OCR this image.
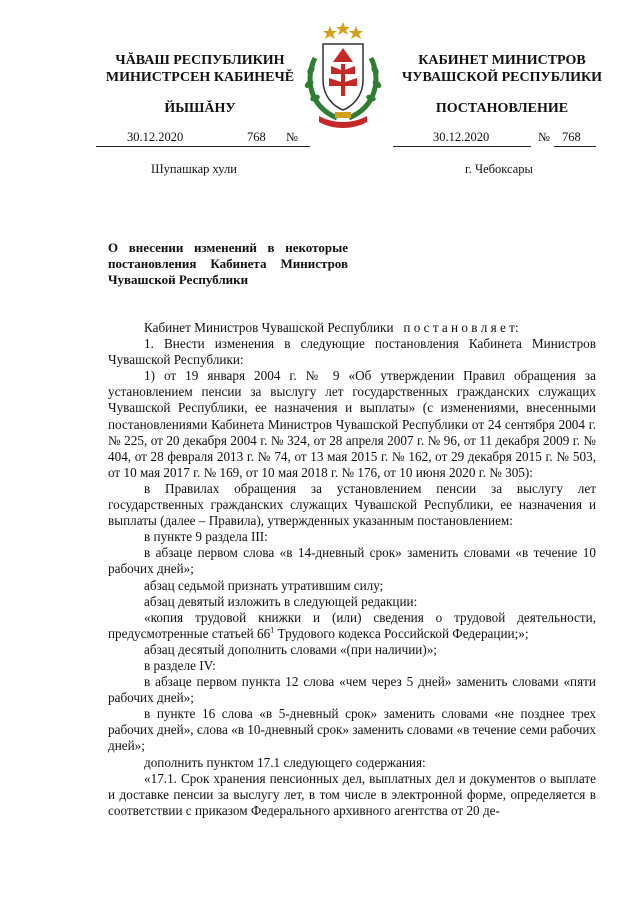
ЧĂВАШ РЕСПУБЛИКИН
МИНИСТРСЕН КАБИНЕЧĚ
ЙЫШĂНУ
КАБИНЕТ МИНИСТРОВ
ЧУВАШСКОЙ РЕСПУБЛИКИ
ПОСТАНОВЛЕНИЕ
30.12.2020	768 №	30.12.2020	№ 768
Шупашкар хули	г. Чебоксары
О внесении изменений в некоторые постановления Кабинета Министров Чувашской Республики

Кабинет Министров Чувашской Республики п о с т а н о в л я е т:

1. Внести изменения в следующие постановления Кабинета Министров Чувашской Республики:

1) от 19 января 2004 г. № 9 «Об утверждении Правил обращения за установлением пенсии за выслугу лет государственных гражданских служащих Чувашской Республики, ее назначения и выплаты» (с изменениями, внесенными постановлениями Кабинета Министров Чувашской Республики от 24 сентября 2004 г. № 225, от 20 декабря 2004 г. № 324, от 28 апреля 2007 г. № 96, от 11 декабря 2009 г. № 404, от 28 февраля 2013 г. № 74, от 13 мая 2015 г. № 162, от 29 декабря 2015 г. № 503, от 10 мая 2017 г. № 169, от 10 мая 2018 г. № 176, от 10 июня 2020 г. № 305):

в Правилах обращения за установлением пенсии за выслугу лет государственных гражданских служащих Чувашской Республики, ее назначения и выплаты (далее – Правила), утвержденных указанным постановлением:

в пункте 9 раздела III:

в абзаце первом слова «в 14-дневный срок» заменить словами «в течение 10 рабочих дней»;

абзац седьмой признать утратившим силу;

абзац девятый изложить в следующей редакции:

«копия трудовой книжки и (или) сведения о трудовой деятельности, предусмотренные статьей $66^1$ Трудового кодекса Российской Федерации;»;

абзац десятый дополнить словами «(при наличии)»;

в разделе IV:

в абзаце первом пункта 12 слова «чем через 5 дней» заменить словами «пяти рабочих дней»;

в пункте 16 слова «в 5-дневный срок» заменить словами «не позднее трех рабочих дней», слова «в 10-дневный срок» заменить словами «в течение семи рабочих дней»;

дополнить пунктом 17.1 следующего содержания:

«17.1. Срок хранения пенсионных дел, выплатных дел и документов о выплате и доставке пенсии за выслугу лет, в том числе в электронной форме, определяется в соответствии с приказом Федерального архивного агентства от 20 де-
